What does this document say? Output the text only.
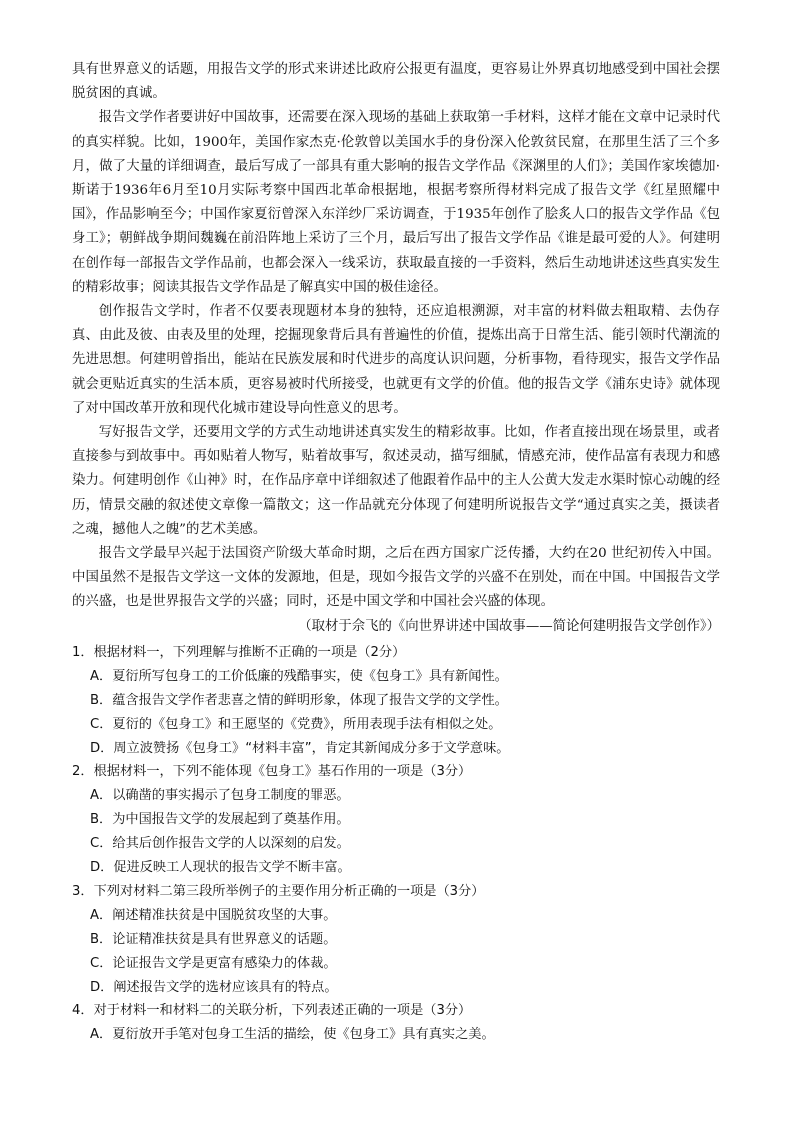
具有世界意义的话题，用报告文学的形式来讲述比政府公报更有温度，更容易让外界真切地感受到中国社会摆脱贫困的真诚。

报告文学作者要讲好中国故事，还需要在深入现场的基础上获取第一手材料，这样才能在文章中记录时代的真实样貌。比如，1900年，美国作家杰克·伦敦曾以美国水手的身份深入伦敦贫民窟，在那里生活了三个多月，做了大量的详细调查，最后写成了一部具有重大影响的报告文学作品《深渊里的人们》；美国作家埃德加·斯诺于1936年6月至10月实际考察中国西北革命根据地，根据考察所得材料完成了报告文学《红星照耀中国》，作品影响至今；中国作家夏衍曾深入东洋纱厂采访调查，于1935年创作了脍炙人口的报告文学作品《包身工》；朝鲜战争期间魏巍在前沿阵地上采访了三个月，最后写出了报告文学作品《谁是最可爱的人》。何建明在创作每一部报告文学作品前，也都会深入一线采访，获取最直接的一手资料，然后生动地讲述这些真实发生的精彩故事；阅读其报告文学作品是了解真实中国的极佳途径。

创作报告文学时，作者不仅要表现题材本身的独特，还应追根溯源，对丰富的材料做去粗取精、去伪存真、由此及彼、由表及里的处理，挖掘现象背后具有普遍性的价值，提炼出高于日常生活、能引领时代潮流的先进思想。何建明曾指出，能站在民族发展和时代进步的高度认识问题，分析事物，看待现实，报告文学作品就会更贴近真实的生活本质，更容易被时代所接受，也就更有文学的价值。他的报告文学《浦东史诗》就体现了对中国改革开放和现代化城市建设导向性意义的思考。

写好报告文学，还要用文学的方式生动地讲述真实发生的精彩故事。比如，作者直接出现在场景里，或者直接参与到故事中。再如贴着人物写，贴着故事写，叙述灵动，描写细腻，情感充沛，使作品富有表现力和感染力。何建明创作《山神》时，在作品序章中详细叙述了他跟着作品中的主人公黄大发走水渠时惊心动魄的经历，情景交融的叙述使文章像一篇散文；这一作品就充分体现了何建明所说报告文学“通过真实之美，摄读者之魂，撼他人之魄”的艺术美感。

报告文学最早兴起于法国资产阶级大革命时期，之后在西方国家广泛传播，大约在20 世纪初传入中国。中国虽然不是报告文学这一文体的发源地，但是，现如今报告文学的兴盛不在别处，而在中国。中国报告文学的兴盛，也是世界报告文学的兴盛；同时，还是中国文学和中国社会兴盛的体现。

（取材于佘飞的《向世界讲述中国故事——简论何建明报告文学创作》）

1．根据材料一，下列理解与推断不正确的一项是（2分）

A．夏衍所写包身工的工价低廉的残酷事实，使《包身工》具有新闻性。

B．蕴含报告文学作者悲喜之情的鲜明形象，体现了报告文学的文学性。

C．夏衍的《包身工》和王愿坚的《党费》，所用表现手法有相似之处。

D．周立波赞扬《包身工》“材料丰富”，肯定其新闻成分多于文学意味。

2．根据材料一，下列不能体现《包身工》基石作用的一项是（3分）

A．以确凿的事实揭示了包身工制度的罪恶。

B．为中国报告文学的发展起到了奠基作用。

C．给其后创作报告文学的人以深刻的启发。

D．促进反映工人现状的报告文学不断丰富。

3．下列对材料二第三段所举例子的主要作用分析正确的一项是（3分）

A．阐述精准扶贫是中国脱贫攻坚的大事。

B．论证精准扶贫是具有世界意义的话题。

C．论证报告文学是更富有感染力的体裁。

D．阐述报告文学的选材应该具有的特点。

4．对于材料一和材料二的关联分析，下列表述正确的一项是（3分）

A．夏衍放开手笔对包身工生活的描绘，使《包身工》具有真实之美。
